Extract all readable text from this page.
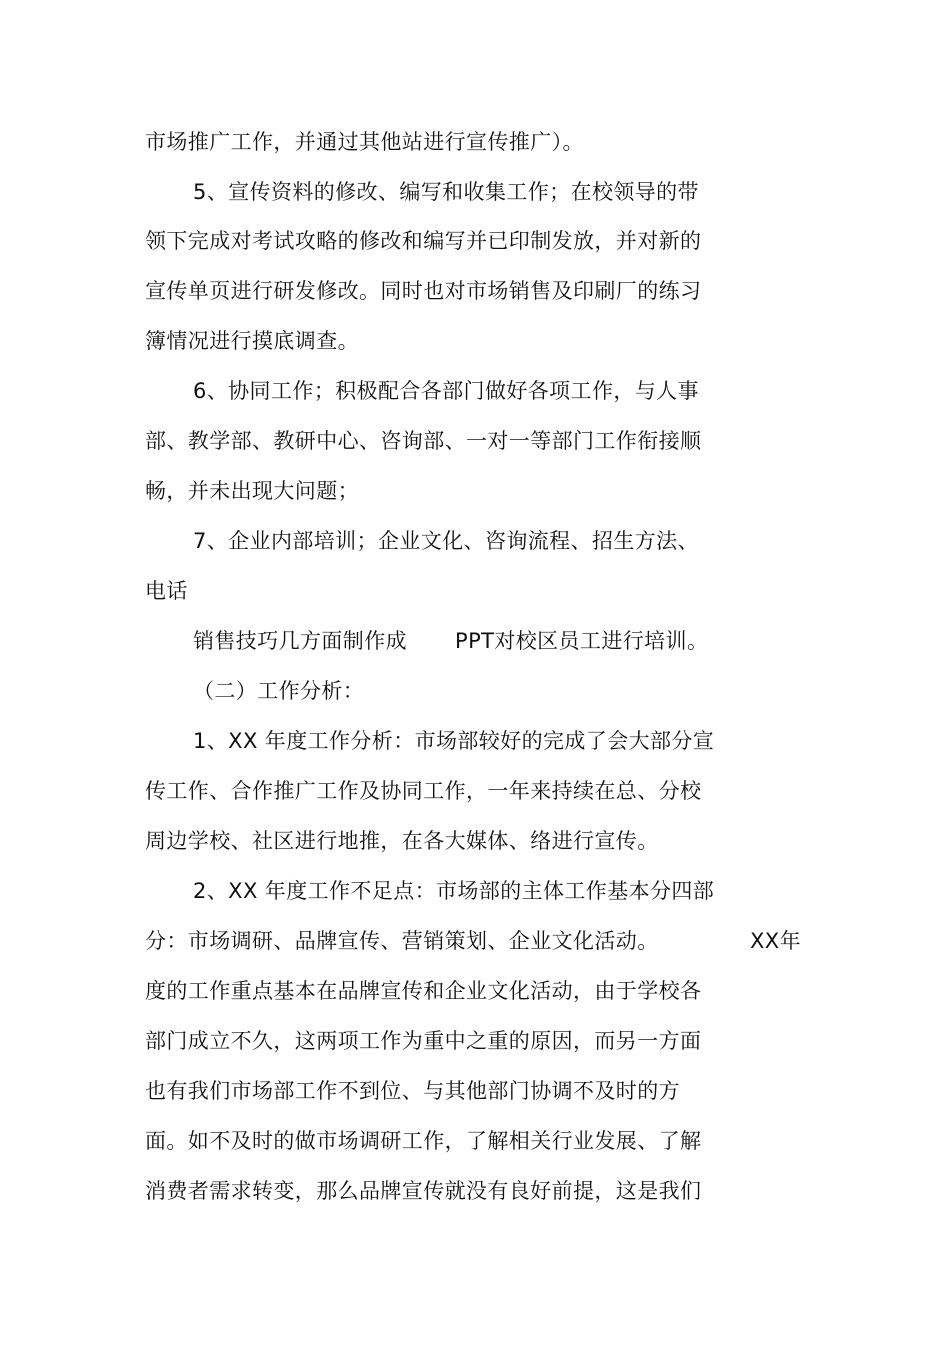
市场推广工作，并通过其他站进行宣传推广）。
5、宣传资料的修改、编写和收集工作；在校领导的带
领下完成对考试攻略的修改和编写并已印制发放，并对新的
宣传单页进行研发修改。同时也对市场销售及印刷厂的练习
簿情况进行摸底调查。
6、协同工作；积极配合各部门做好各项工作，与人事
部、教学部、教研中心、咨询部、一对一等部门工作衔接顺
畅，并未出现大问题；
7、企业内部培训；企业文化、咨询流程、招生方法、
电话
销售技巧几方面制作成 PPT对校区员工进行培训。
（二）工作分析：
1、XX 年度工作分析：市场部较好的完成了会大部分宣
传工作、合作推广工作及协同工作，一年来持续在总、分校
周边学校、社区进行地推，在各大媒体、络进行宣传。
2、XX 年度工作不足点：市场部的主体工作基本分四部
分：市场调研、品牌宣传、营销策划、企业文化活动。	XX年
度的工作重点基本在品牌宣传和企业文化活动，由于学校各
部门成立不久，这两项工作为重中之重的原因，而另一方面
也有我们市场部工作不到位、与其他部门协调不及时的方
面。如不及时的做市场调研工作，了解相关行业发展、了解
消费者需求转变，那么品牌宣传就没有良好前提，这是我们
